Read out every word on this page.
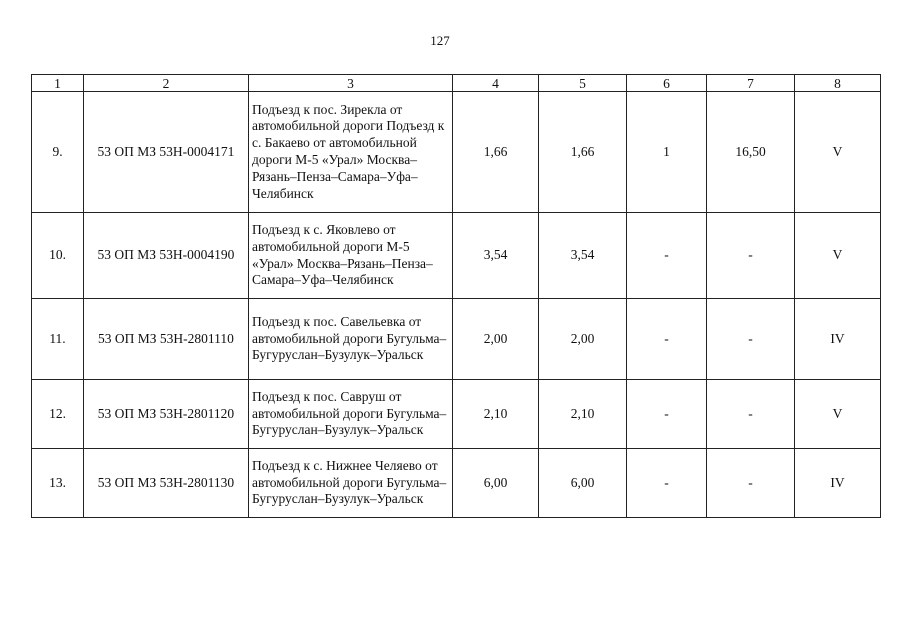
127
1	2	3	4	5	6	7	8
9.	53 ОП МЗ 53Н-0004171	Подъезд к пос. Зирекла от автомобильной дороги Подъезд к с. Бакаево от автомобильной дороги М-5 «Урал» Москва–Рязань–Пенза–Самара–Уфа–Челябинск	1,66	1,66	1	16,50	V
10.	53 ОП МЗ 53Н-0004190	Подъезд к с. Яковлево от автомобильной дороги М-5 «Урал» Москва–Рязань–Пенза–Самара–Уфа–Челябинск	3,54	3,54	-	-	V
11.	53 ОП МЗ 53Н-2801110	Подъезд к пос. Савельевка от автомобильной дороги Бугульма–Бугуруслан–Бузулук–Уральск	2,00	2,00	-	-	IV
12.	53 ОП МЗ 53Н-2801120	Подъезд к пос. Савруш от автомобильной дороги Бугульма–Бугуруслан–Бузулук–Уральск	2,10	2,10	-	-	V
13.	53 ОП МЗ 53Н-2801130	Подъезд к с. Нижнее Челяево от автомобильной дороги Бугульма–Бугуруслан–Бузулук–Уральск	6,00	6,00	-	-	IV
